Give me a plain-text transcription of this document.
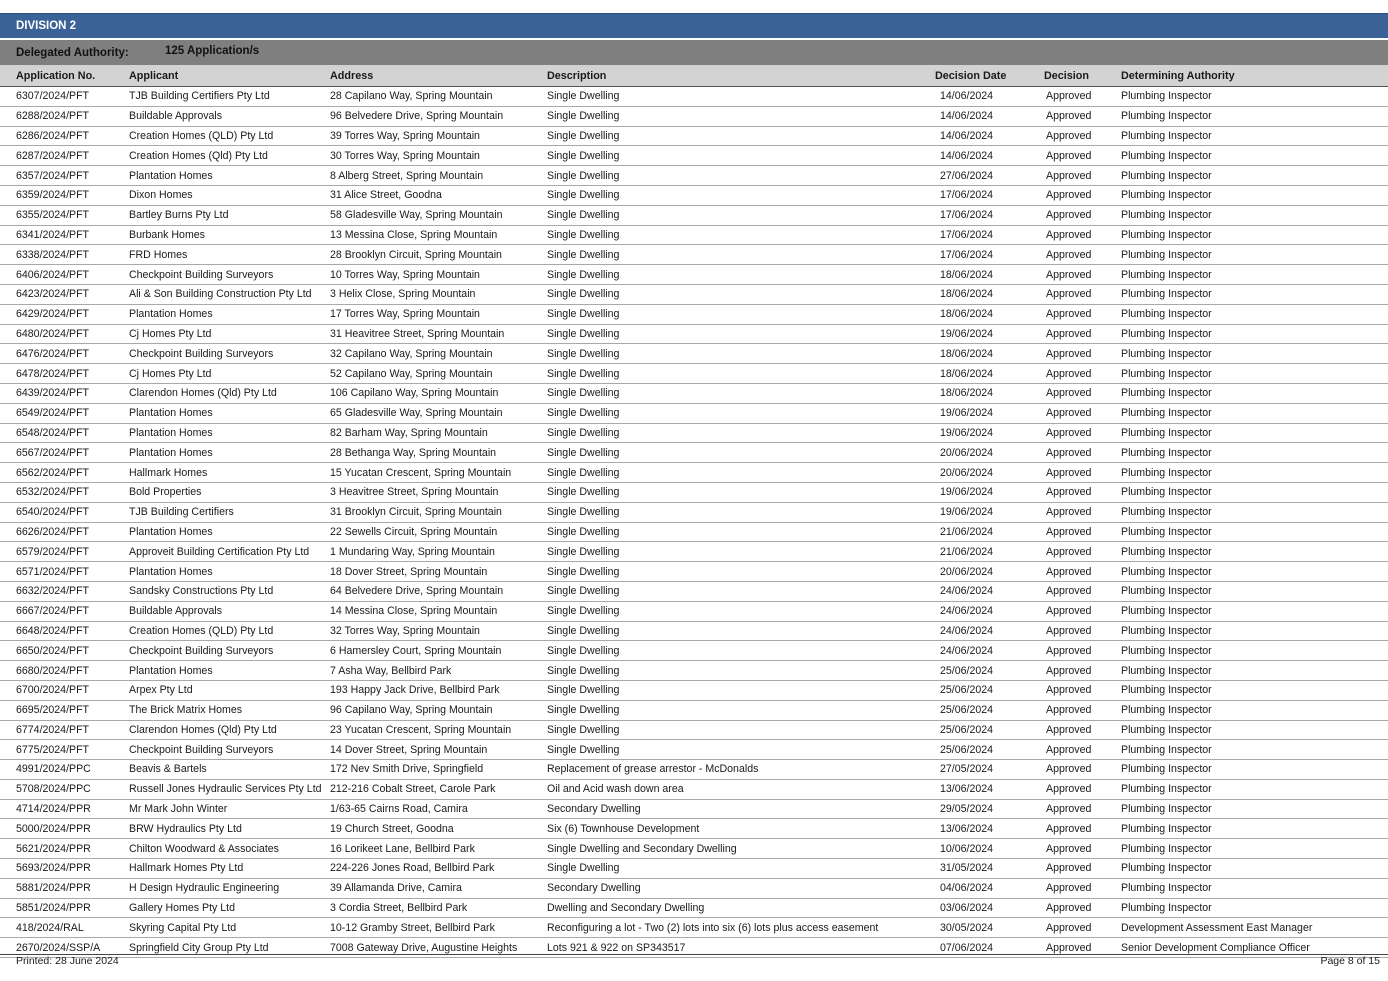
DIVISION 2
Delegated Authority:	125 Application/s
Application No.	Applicant	Address	Description	Decision Date	Decision	Determining Authority
6307/2024/PFT	TJB Building Certifiers Pty Ltd	28 Capilano Way, Spring Mountain	Single Dwelling	14/06/2024	Approved	Plumbing Inspector
6288/2024/PFT	Buildable Approvals	96 Belvedere Drive, Spring Mountain	Single Dwelling	14/06/2024	Approved	Plumbing Inspector
6286/2024/PFT	Creation Homes (QLD) Pty Ltd	39 Torres Way, Spring Mountain	Single Dwelling	14/06/2024	Approved	Plumbing Inspector
6287/2024/PFT	Creation Homes (Qld) Pty Ltd	30 Torres Way, Spring Mountain	Single Dwelling	14/06/2024	Approved	Plumbing Inspector
6357/2024/PFT	Plantation Homes	8 Alberg Street, Spring Mountain	Single Dwelling	27/06/2024	Approved	Plumbing Inspector
6359/2024/PFT	Dixon Homes	31 Alice Street, Goodna	Single Dwelling	17/06/2024	Approved	Plumbing Inspector
6355/2024/PFT	Bartley Burns Pty Ltd	58 Gladesville Way, Spring Mountain	Single Dwelling	17/06/2024	Approved	Plumbing Inspector
6341/2024/PFT	Burbank Homes	13 Messina Close, Spring Mountain	Single Dwelling	17/06/2024	Approved	Plumbing Inspector
6338/2024/PFT	FRD Homes	28 Brooklyn Circuit, Spring Mountain	Single Dwelling	17/06/2024	Approved	Plumbing Inspector
6406/2024/PFT	Checkpoint Building Surveyors	10 Torres Way, Spring Mountain	Single Dwelling	18/06/2024	Approved	Plumbing Inspector
6423/2024/PFT	Ali & Son Building Construction Pty Ltd	3 Helix Close, Spring Mountain	Single Dwelling	18/06/2024	Approved	Plumbing Inspector
6429/2024/PFT	Plantation Homes	17 Torres Way, Spring Mountain	Single Dwelling	18/06/2024	Approved	Plumbing Inspector
6480/2024/PFT	Cj Homes Pty Ltd	31 Heavitree Street, Spring Mountain	Single Dwelling	19/06/2024	Approved	Plumbing Inspector
6476/2024/PFT	Checkpoint Building Surveyors	32 Capilano Way, Spring Mountain	Single Dwelling	18/06/2024	Approved	Plumbing Inspector
6478/2024/PFT	Cj Homes Pty Ltd	52 Capilano Way, Spring Mountain	Single Dwelling	18/06/2024	Approved	Plumbing Inspector
6439/2024/PFT	Clarendon Homes (Qld) Pty Ltd	106 Capilano Way, Spring Mountain	Single Dwelling	18/06/2024	Approved	Plumbing Inspector
6549/2024/PFT	Plantation Homes	65 Gladesville Way, Spring Mountain	Single Dwelling	19/06/2024	Approved	Plumbing Inspector
6548/2024/PFT	Plantation Homes	82 Barham Way, Spring Mountain	Single Dwelling	19/06/2024	Approved	Plumbing Inspector
6567/2024/PFT	Plantation Homes	28 Bethanga Way, Spring Mountain	Single Dwelling	20/06/2024	Approved	Plumbing Inspector
6562/2024/PFT	Hallmark Homes	15 Yucatan Crescent, Spring Mountain	Single Dwelling	20/06/2024	Approved	Plumbing Inspector
6532/2024/PFT	Bold Properties	3 Heavitree Street, Spring Mountain	Single Dwelling	19/06/2024	Approved	Plumbing Inspector
6540/2024/PFT	TJB Building Certifiers	31 Brooklyn Circuit, Spring Mountain	Single Dwelling	19/06/2024	Approved	Plumbing Inspector
6626/2024/PFT	Plantation Homes	22 Sewells Circuit, Spring Mountain	Single Dwelling	21/06/2024	Approved	Plumbing Inspector
6579/2024/PFT	Approveit Building Certification Pty Ltd	1 Mundaring Way, Spring Mountain	Single Dwelling	21/06/2024	Approved	Plumbing Inspector
6571/2024/PFT	Plantation Homes	18 Dover Street, Spring Mountain	Single Dwelling	20/06/2024	Approved	Plumbing Inspector
6632/2024/PFT	Sandsky Constructions Pty Ltd	64 Belvedere Drive, Spring Mountain	Single Dwelling	24/06/2024	Approved	Plumbing Inspector
6667/2024/PFT	Buildable Approvals	14 Messina Close, Spring Mountain	Single Dwelling	24/06/2024	Approved	Plumbing Inspector
6648/2024/PFT	Creation Homes (QLD) Pty Ltd	32 Torres Way, Spring Mountain	Single Dwelling	24/06/2024	Approved	Plumbing Inspector
6650/2024/PFT	Checkpoint Building Surveyors	6 Hamersley Court, Spring Mountain	Single Dwelling	24/06/2024	Approved	Plumbing Inspector
6680/2024/PFT	Plantation Homes	7 Asha Way, Bellbird Park	Single Dwelling	25/06/2024	Approved	Plumbing Inspector
6700/2024/PFT	Arpex Pty Ltd	193 Happy Jack Drive, Bellbird Park	Single Dwelling	25/06/2024	Approved	Plumbing Inspector
6695/2024/PFT	The Brick Matrix Homes	96 Capilano Way, Spring Mountain	Single Dwelling	25/06/2024	Approved	Plumbing Inspector
6774/2024/PFT	Clarendon Homes (Qld) Pty Ltd	23 Yucatan Crescent, Spring Mountain	Single Dwelling	25/06/2024	Approved	Plumbing Inspector
6775/2024/PFT	Checkpoint Building Surveyors	14 Dover Street, Spring Mountain	Single Dwelling	25/06/2024	Approved	Plumbing Inspector
4991/2024/PPC	Beavis & Bartels	172 Nev Smith Drive, Springfield	Replacement of grease arrestor - McDonalds	27/05/2024	Approved	Plumbing Inspector
5708/2024/PPC	Russell Jones Hydraulic Services Pty Ltd	212-216 Cobalt Street, Carole Park	Oil and Acid wash down area	13/06/2024	Approved	Plumbing Inspector
4714/2024/PPR	Mr Mark John Winter	1/63-65 Cairns Road, Camira	Secondary Dwelling	29/05/2024	Approved	Plumbing Inspector
5000/2024/PPR	BRW Hydraulics Pty Ltd	19 Church Street, Goodna	Six (6) Townhouse Development	13/06/2024	Approved	Plumbing Inspector
5621/2024/PPR	Chilton Woodward & Associates	16 Lorikeet Lane, Bellbird Park	Single Dwelling and Secondary Dwelling	10/06/2024	Approved	Plumbing Inspector
5693/2024/PPR	Hallmark Homes Pty Ltd	224-226 Jones Road, Bellbird Park	Single Dwelling	31/05/2024	Approved	Plumbing Inspector
5881/2024/PPR	H Design Hydraulic Engineering	39 Allamanda Drive, Camira	Secondary Dwelling	04/06/2024	Approved	Plumbing Inspector
5851/2024/PPR	Gallery Homes Pty Ltd	3 Cordia Street, Bellbird Park	Dwelling and Secondary Dwelling	03/06/2024	Approved	Plumbing Inspector
418/2024/RAL	Skyring Capital Pty Ltd	10-12 Gramby Street, Bellbird Park	Reconfiguring a lot - Two (2) lots into six (6) lots plus access easement	30/05/2024	Approved	Development Assessment East Manager
2670/2024/SSP/A	Springfield City Group Pty Ltd	7008 Gateway Drive, Augustine Heights	Lots 921 & 922 on SP343517	07/06/2024	Approved	Senior Development Compliance Officer
Printed: 28 June 2024	Page 8 of 15
